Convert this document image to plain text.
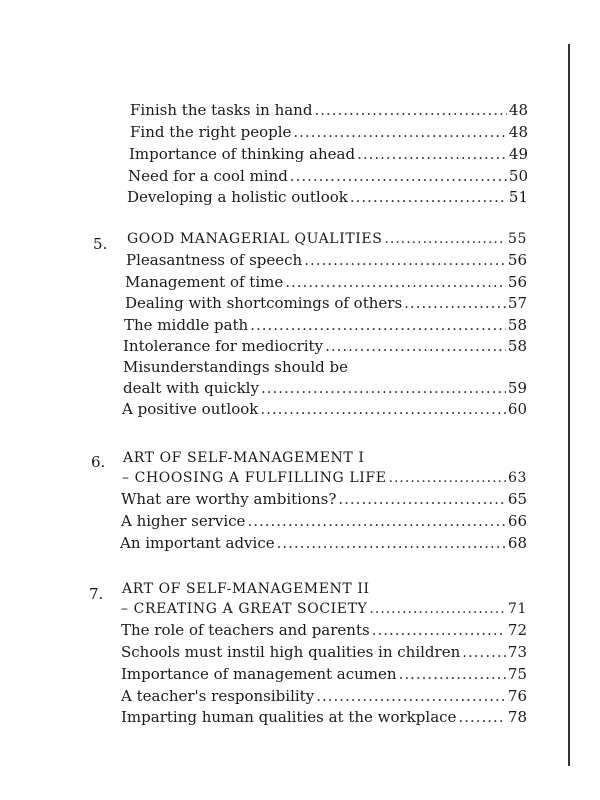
Finish the tasks in hand .....	48
Find the right people .....	48
Importance of thinking ahead .....	49
Need for a cool mind .....	50
Developing a holistic outlook .....	51
5. GOOD MANAGERIAL QUALITIES .....	55
Pleasantness of speech .....	56
Management of time .....	56
Dealing with shortcomings of others .....	57
The middle path .....	58
Intolerance for mediocrity .....	58
Misunderstandings should be
dealt with quickly .....	59
A positive outlook .....	60
6. ART OF SELF-MANAGEMENT I
– CHOOSING A FULFILLING LIFE .....	63
What are worthy ambitions? .....	65
A higher service .....	66
An important advice .....	68
7. ART OF SELF-MANAGEMENT II
– CREATING A GREAT SOCIETY .....	71
The role of teachers and parents .....	72
Schools must instil high qualities in children .....	73
Importance of management acumen .....	75
A teacher's responsibility .....	76
Imparting human qualities at the workplace .....	78
